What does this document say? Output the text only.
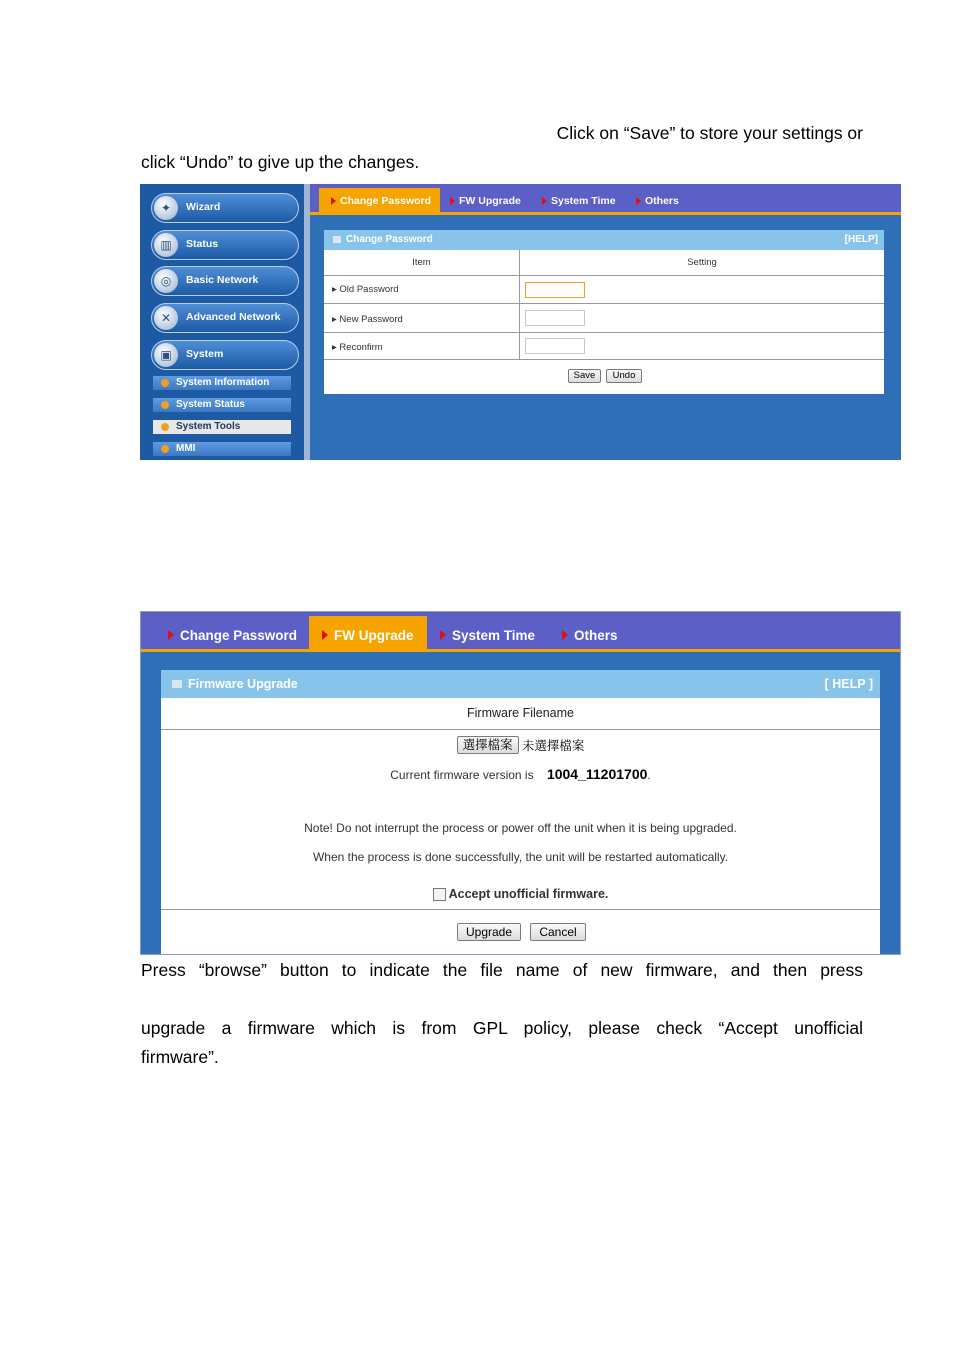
Click on “Save” to store your settings or
click “Undo” to give up the changes.
✦	Wizard
▥	Status
◎	Basic Network
✕	Advanced Network
▣	System
System Information
System Status
System Tools
MMI
Change Password	FW Upgrade	System Time	Others
Change Password	[HELP]
Item	Setting
▸ Old Password
▸ New Password
▸ Reconfirm
Save	Undo
Change Password	FW Upgrade	System Time	Others
Firmware Upgrade	[ HELP ]
Firmware Filename
選擇檔案 未選擇檔案
Current firmware version is 1004_11201700.
Note! Do not interrupt the process or power off the unit when it is being upgraded.
When the process is done successfully, the unit will be restarted automatically.
Accept unofficial firmware.
Upgrade	Cancel
Press “browse” button to indicate the file name of new firmware, and then press
upgrade a firmware which is from GPL policy, please check “Accept unofficial
firmware”.
